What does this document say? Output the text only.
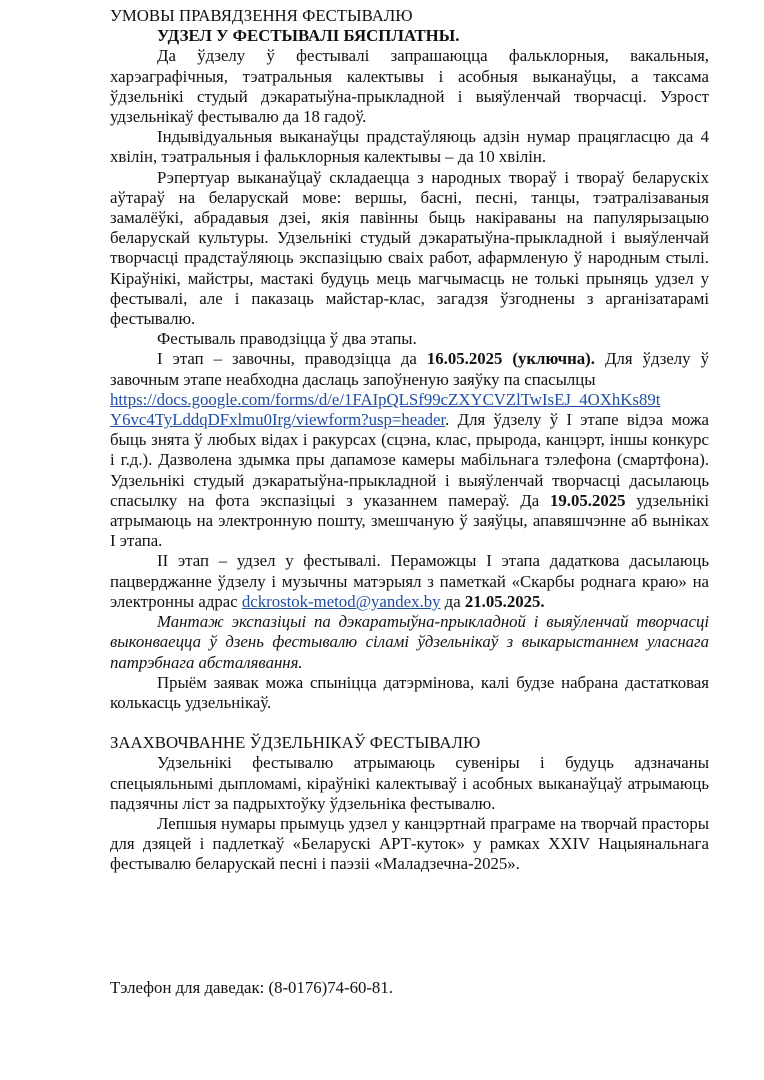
УМОВЫ ПРАВЯДЗЕННЯ ФЕСТЫВАЛЮ

УДЗЕЛ У ФЕСТЫВАЛІ БЯСПЛАТНЫ.

Да ўдзелу ў фестывалі запрашаюцца фальклорныя, вакальныя, харэаграфічныя, тэатральныя калектывы і асобныя выканаўцы, а таксама ўдзельнікі студый дэкаратыўна-прыкладной і выяўленчай творчасці. Узрост удзельнікаў фестывалю да 18 гадоў.

Індывідуальныя выканаўцы прадстаўляюць адзін нумар працягласцю да 4 хвілін, тэатральныя і фальклорныя калектывы – да 10 хвілін.

Рэпертуар выканаўцаў складаецца з народных твораў і твораў беларускіх аўтараў на беларускай мове: вершы, баснi, песні, танцы, тэатралізаваныя замалёўкі, абрадавыя дзеі, якія павінны быць накіраваны на папулярызацыю беларускай культуры. Удзельнікі студый дэкаратыўна-прыкладной і выяўленчай творчасці прадстаўляюць экспазіцыю сваіх работ, афармленую ў народным стылі. Кіраўнікі, майстры, мастакі будуць мець магчымасць не толькі прыняць удзел у фестывалі, але і паказаць майстар-клас, загадзя ўзгоднены з арганізатарамі фестывалю.

Фестываль праводзіцца ў два этапы.

I этап – завочны, праводзіцца да 16.05.2025 (уключна). Для ўдзелу ў завочным этапе неабходна даслаць запоўненую заяўку па спасылцы
https://docs.google.com/forms/d/e/1FAIpQLSf99cZXYCVZlTwIsEJ_4OXhKs89t
Y6vc4TyLddqDFxlmu0Irg/viewform?usp=header. Для ўдзелу ў I этапе відэа можа быць знята ў любых відах і ракурсах (сцэна, клас, прырода, канцэрт, іншы конкурс і г.д.). Дазволена здымка пры дапамозе камеры мабільнага тэлефона (смартфона). Удзельнікі студый дэкаратыўна-прыкладной і выяўленчай творчасці дасылаюць спасылку на фота экспазіцыі з указаннем памераў. Да 19.05.2025 удзельнікі атрымаюць на электронную пошту, змешчаную ў заяўцы, апавяшчэнне аб выніках I этапа.

II этап – удзел у фестывалі. Пераможцы I этапа дадаткова дасылаюць пацверджанне ўдзелу і музычны матэрыял з паметкай «Скарбы роднага краю» на электронны адрас dckrostok-metod@yandex.by да 21.05.2025.

Мантаж экспазіцыі па дэкаратыўна-прыкладной і выяўленчай творчасці выконваецца ў дзень фестывалю сіламі ўдзельнікаў з выкарыстаннем уласнага патрэбнага абсталявання.

Прыём заявак можа спыніцца датэрмінова, калі будзе набрана дастатковая колькасць удзельнікаў.

ЗААХВОЧВАННЕ ЎДЗЕЛЬНІКАЎ ФЕСТЫВАЛЮ

Удзельнікі фестывалю атрымаюць сувеніры і будуць адзначаны спецыяльнымі дыпломамі, кіраўнікі калектываў і асобных выканаўцаў атрымаюць падзячны ліст за падрыхтоўку ўдзельніка фестывалю.

Лепшыя нумары прымуць удзел у канцэртнай праграме на творчай прасторы для дзяцей і падлеткаў «Беларускі АРТ-куток» у рамках XXIV Нацыянальнага фестывалю беларускай песні і паэзіі «Маладзечна-2025».

Тэлефон для даведак: (8-0176)74-60-81.
